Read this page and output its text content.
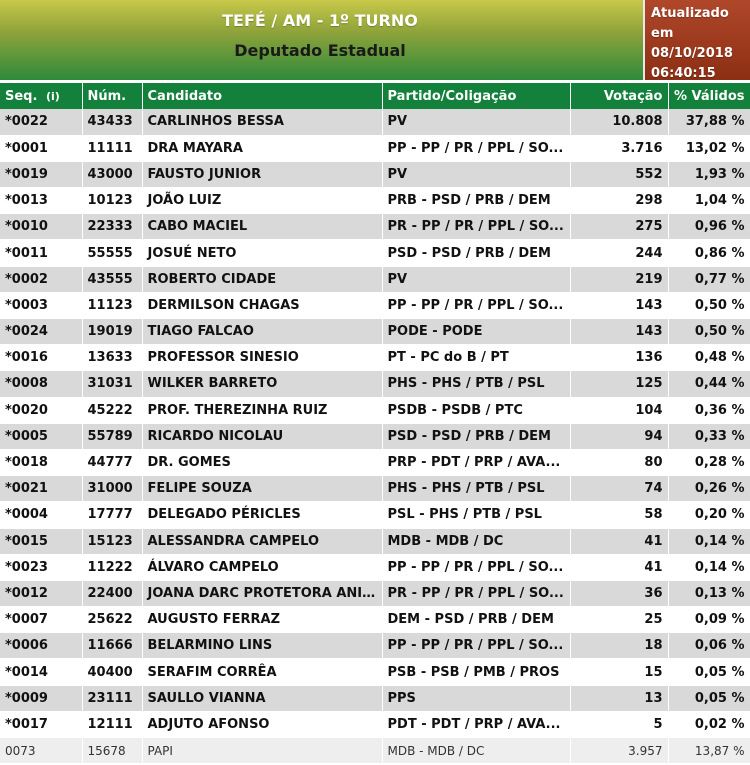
TEFÉ / AM - 1º TURNO
Deputado Estadual
Atualizado em
08/10/2018
06:40:15
Seq. (i)	Núm.	Candidato	Partido/Coligação	Votação	% Válidos
*0022	43433	CARLINHOS BESSA	PV	10.808	37,88 %
*0001	11111	DRA MAYARA	PP - PP / PR / PPL / SO...	3.716	13,02 %
*0019	43000	FAUSTO JUNIOR	PV	552	1,93 %
*0013	10123	JOÃO LUIZ	PRB - PSD / PRB / DEM	298	1,04 %
*0010	22333	CABO MACIEL	PR - PP / PR / PPL / SO...	275	0,96 %
*0011	55555	JOSUÉ NETO	PSD - PSD / PRB / DEM	244	0,86 %
*0002	43555	ROBERTO CIDADE	PV	219	0,77 %
*0003	11123	DERMILSON CHAGAS	PP - PP / PR / PPL / SO...	143	0,50 %
*0024	19019	TIAGO FALCAO	PODE - PODE	143	0,50 %
*0016	13633	PROFESSOR SINESIO	PT - PC do B / PT	136	0,48 %
*0008	31031	WILKER BARRETO	PHS - PHS / PTB / PSL	125	0,44 %
*0020	45222	PROF. THEREZINHA RUIZ	PSDB - PSDB / PTC	104	0,36 %
*0005	55789	RICARDO NICOLAU	PSD - PSD / PRB / DEM	94	0,33 %
*0018	44777	DR. GOMES	PRP - PDT / PRP / AVA...	80	0,28 %
*0021	31000	FELIPE SOUZA	PHS - PHS / PTB / PSL	74	0,26 %
*0004	17777	DELEGADO PÉRICLES	PSL - PHS / PTB / PSL	58	0,20 %
*0015	15123	ALESSANDRA CAMPELO	MDB - MDB / DC	41	0,14 %
*0023	11222	ÁLVARO CAMPELO	PP - PP / PR / PPL / SO...	41	0,14 %
*0012	22400	JOANA DARC PROTETORA ANI...	PR - PP / PR / PPL / SO...	36	0,13 %
*0007	25622	AUGUSTO FERRAZ	DEM - PSD / PRB / DEM	25	0,09 %
*0006	11666	BELARMINO LINS	PP - PP / PR / PPL / SO...	18	0,06 %
*0014	40400	SERAFIM CORRÊA	PSB - PSB / PMB / PROS	15	0,05 %
*0009	23111	SAULLO VIANNA	PPS	13	0,05 %
*0017	12111	ADJUTO AFONSO	PDT - PDT / PRP / AVA...	5	0,02 %
0073	15678	PAPI	MDB - MDB / DC	3.957	13,87 %
